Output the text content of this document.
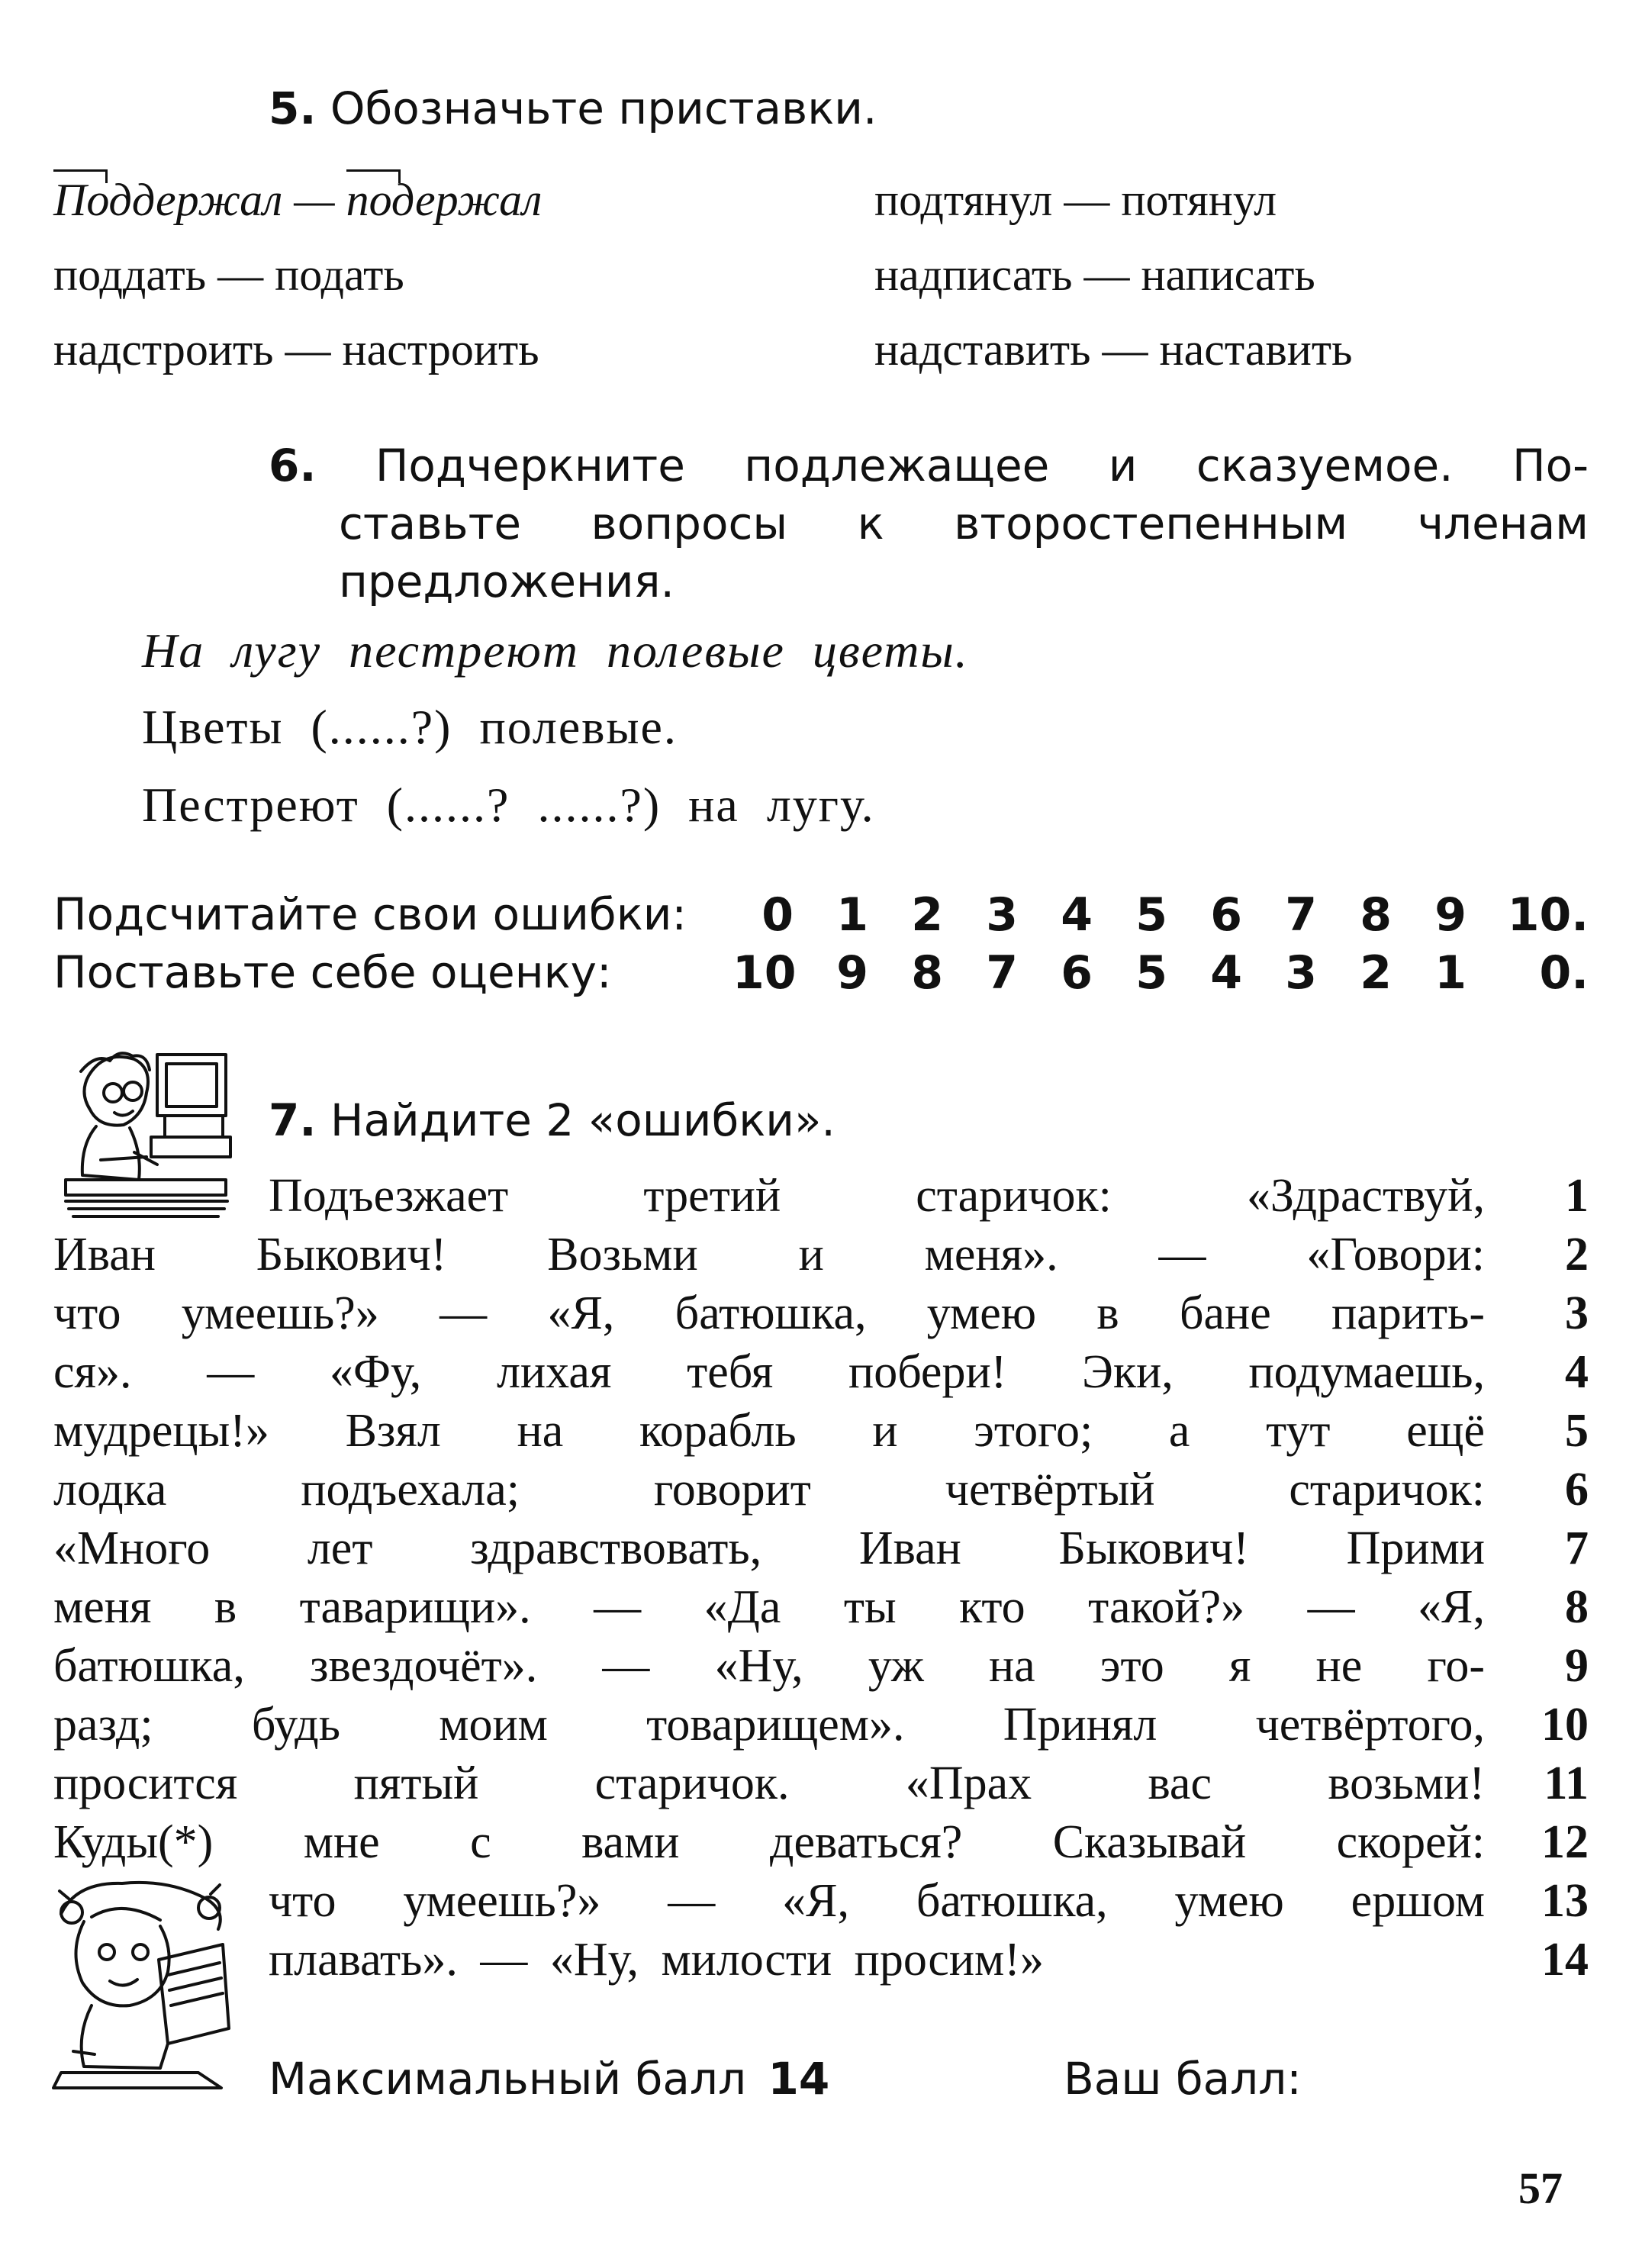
5. Обозначьте приставки.
Поддержал — подержал
поддать — подать
надстроить — настроить
подтянул — потянул
надписать — написать
надставить — наставить
6. Подчеркните подлежащее и сказуемое. По-
ставьте вопросы к второстепенным членам
предложения.
На лугу пестреют полевые цветы.
Цветы (......?) полевые.
Пестреют (......? ......?) на лугу.
Подсчитайте свои ошибки:
Поставьте себе оценку:
0 1 2 3 4 5 6 7 8 9 10.
10 9 8 7 6 5 4 3 2 1	0.
7. Найдите 2 «ошибки».
Подъезжает третий старичок: «Здраствуй,
Иван Быкович! Возьми и меня». — «Говори:
что умеешь?» — «Я, батюшка, умею в бане парить-
ся». — «Фу, лихая тебя побери! Эки, подумаешь,
мудрецы!» Взял на корабль и этого; а тут ещё
лодка подъехала; говорит четвёртый старичок:
«Много лет здравствовать, Иван Быкович! Прими
меня в таварищи». — «Да ты кто такой?» — «Я,
батюшка, звездочёт». — «Ну, уж на это я не го-
разд; будь моим товарищем». Принял четвёртого,
просится пятый старичок. «Прах вас возьми!
Куды(*) мне с вами деваться? Сказывай скорей:
что умеешь?» — «Я, батюшка, умею ершом
плавать». — «Ну, милости просим!»
1
2
3
4
5
6
7
8
9
10
11
12
13
14
Максимальный балл 14	Ваш балл:
57
